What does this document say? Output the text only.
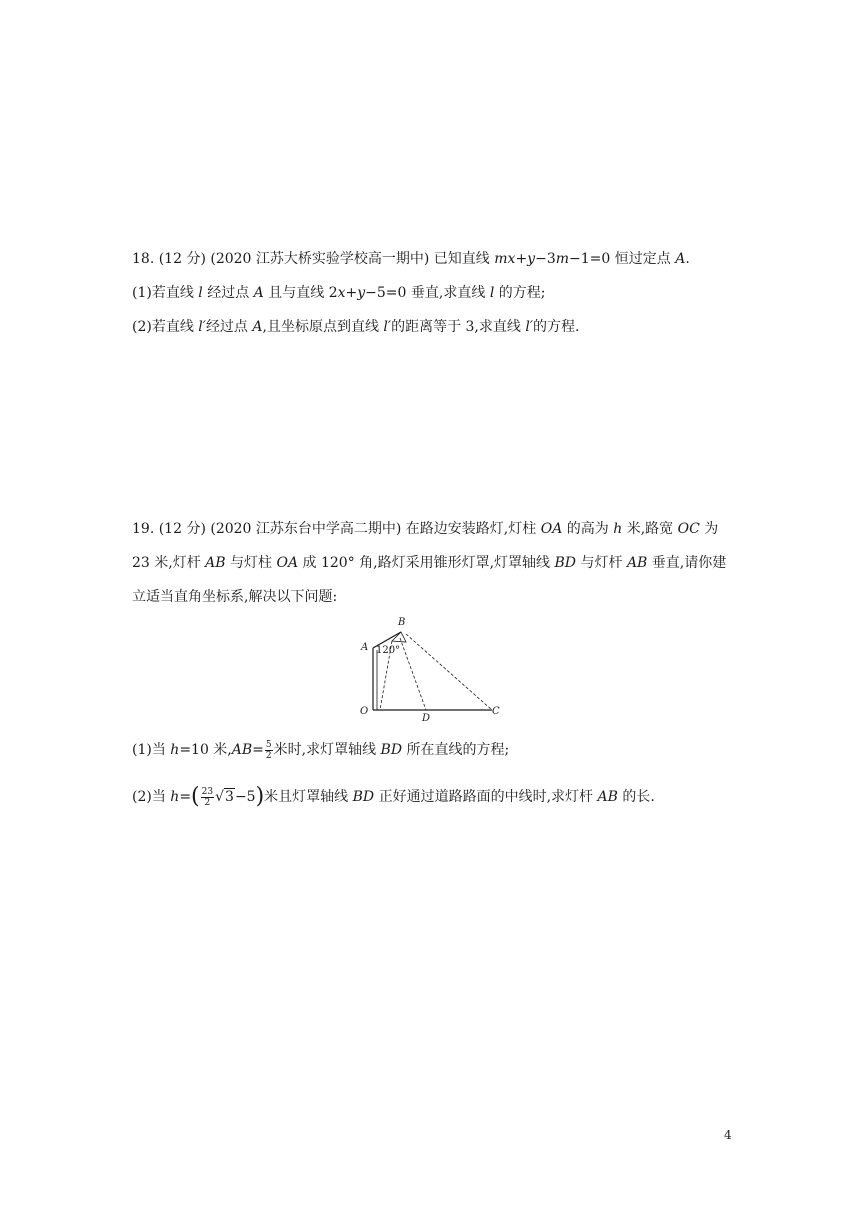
18. (12 分) (2020 江苏大桥实验学校高一期中) 已知直线 mx+y−3m−1=0 恒过定点 A.
(1)若直线 l 经过点 A 且与直线 2x+y−5=0 垂直,求直线 l 的方程;
(2)若直线 l′经过点 A,且坐标原点到直线 l′的距离等于 3,求直线 l′的方程.
19. (12 分) (2020 江苏东台中学高二期中) 在路边安装路灯,灯柱 OA 的高为 h 米,路宽 OC 为
23 米,灯杆 AB 与灯柱 OA 成 120° 角,路灯采用锥形灯罩,灯罩轴线 BD 与灯杆 AB 垂直,请你建
立适当直角坐标系,解决以下问题:
B
A 120°
O
D
C
(1)当 h=10 米$,AB= \frac{5}{2}$ 米时,求灯罩轴线 BD 所在直线的方程;
(2)当 $h=( \frac{23}{2} √3-5)$米且灯罩轴线 BD 正好通过道路路面的中线时,求灯杆 AB 的长.
4
